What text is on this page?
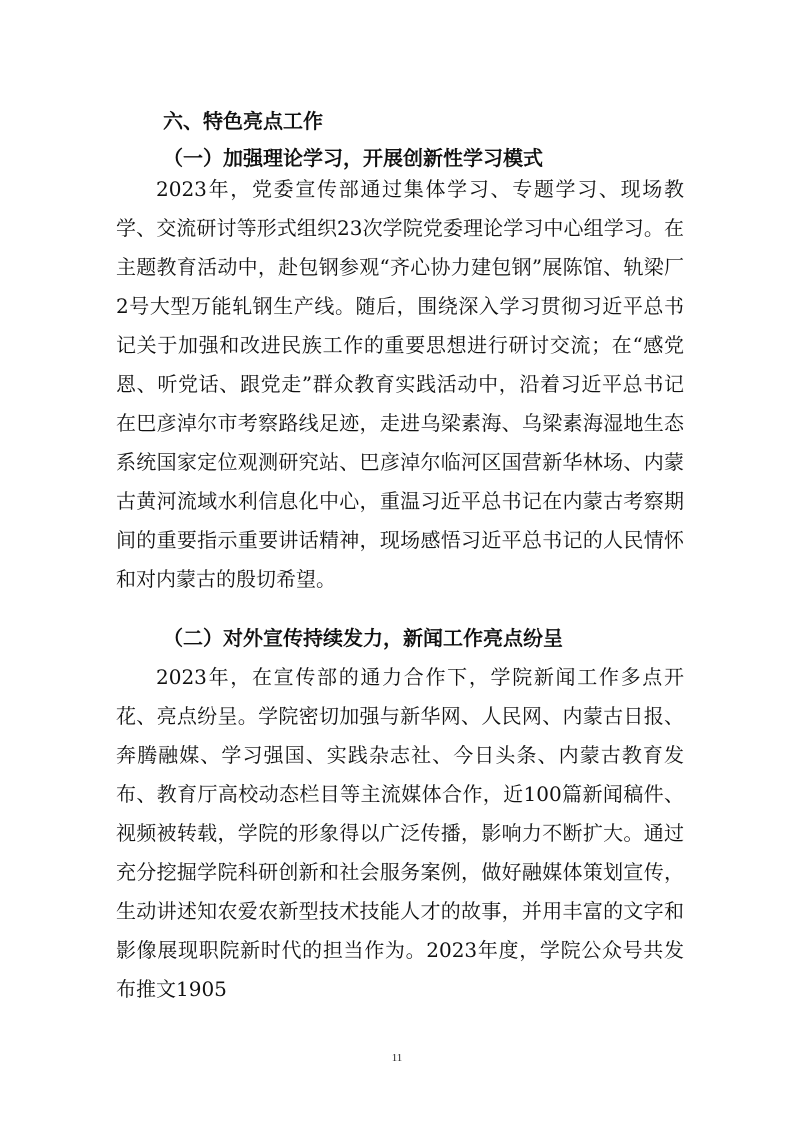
六、特色亮点工作
（一）加强理论学习，开展创新性学习模式

2023年，党委宣传部通过集体学习、专题学习、现场教学、交流研讨等形式组织23次学院党委理论学习中心组学习。在主题教育活动中，赴包钢参观“齐心协力建包钢”展陈馆、轨梁厂2号大型万能轧钢生产线。随后，围绕深入学习贯彻习近平总书记关于加强和改进民族工作的重要思想进行研讨交流；在“感党恩、听党话、跟党走”群众教育实践活动中，沿着习近平总书记在巴彦淖尔市考察路线足迹，走进乌梁素海、乌梁素海湿地生态系统国家定位观测研究站、巴彦淖尔临河区国营新华林场、内蒙古黄河流域水利信息化中心，重温习近平总书记在内蒙古考察期间的重要指示重要讲话精神，现场感悟习近平总书记的人民情怀和对内蒙古的殷切希望。

（二）对外宣传持续发力，新闻工作亮点纷呈

2023年，在宣传部的通力合作下，学院新闻工作多点开花、亮点纷呈。学院密切加强与新华网、人民网、内蒙古日报、奔腾融媒、学习强国、实践杂志社、今日头条、内蒙古教育发布、教育厅高校动态栏目等主流媒体合作，近100篇新闻稿件、视频被转载，学院的形象得以广泛传播，影响力不断扩大。通过充分挖掘学院科研创新和社会服务案例，做好融媒体策划宣传，生动讲述知农爱农新型技术技能人才的故事，并用丰富的文字和影像展现职院新时代的担当作为。2023年度，学院公众号共发布推文1905

11
